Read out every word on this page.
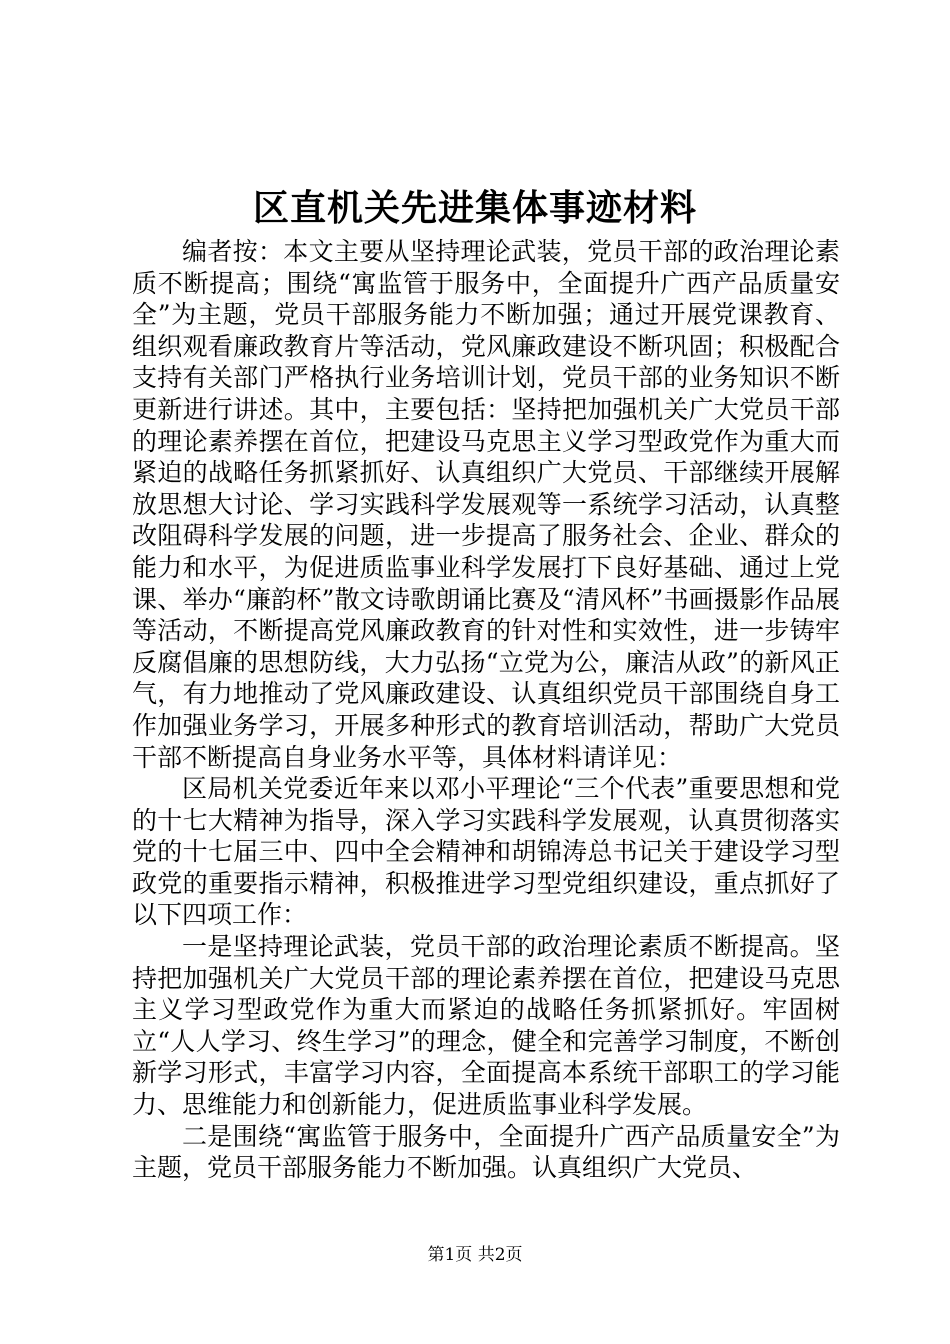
区直机关先进集体事迹材料

编者按：本文主要从坚持理论武装，党员干部的政治理论素质不断提高；围绕“寓监管于服务中，全面提升广西产品质量安全”为主题，党员干部服务能力不断加强；通过开展党课教育、组织观看廉政教育片等活动，党风廉政建设不断巩固；积极配合支持有关部门严格执行业务培训计划，党员干部的业务知识不断更新进行讲述。其中，主要包括：坚持把加强机关广大党员干部的理论素养摆在首位，把建设马克思主义学习型政党作为重大而紧迫的战略任务抓紧抓好、认真组织广大党员、干部继续开展解放思想大讨论、学习实践科学发展观等一系统学习活动，认真整改阻碍科学发展的问题，进一步提高了服务社会、企业、群众的能力和水平，为促进质监事业科学发展打下良好基础、通过上党课、举办“廉韵杯”散文诗歌朗诵比赛及“清风杯”书画摄影作品展等活动，不断提高党风廉政教育的针对性和实效性，进一步铸牢反腐倡廉的思想防线，大力弘扬“立党为公，廉洁从政”的新风正气，有力地推动了党风廉政建设、认真组织党员干部围绕自身工作加强业务学习，开展多种形式的教育培训活动，帮助广大党员干部不断提高自身业务水平等，具体材料请详见：

区局机关党委近年来以邓小平理论“三个代表”重要思想和党的十七大精神为指导，深入学习实践科学发展观，认真贯彻落实党的十七届三中、四中全会精神和胡锦涛总书记关于建设学习型政党的重要指示精神，积极推进学习型党组织建设，重点抓好了以下四项工作：

一是坚持理论武装，党员干部的政治理论素质不断提高。坚持把加强机关广大党员干部的理论素养摆在首位，把建设马克思主义学习型政党作为重大而紧迫的战略任务抓紧抓好。牢固树立“人人学习、终生学习”的理念，健全和完善学习制度，不断创新学习形式，丰富学习内容，全面提高本系统干部职工的学习能力、思维能力和创新能力，促进质监事业科学发展。

二是围绕“寓监管于服务中，全面提升广西产品质量安全”为主题，党员干部服务能力不断加强。认真组织广大党员、

第1页 共2页
